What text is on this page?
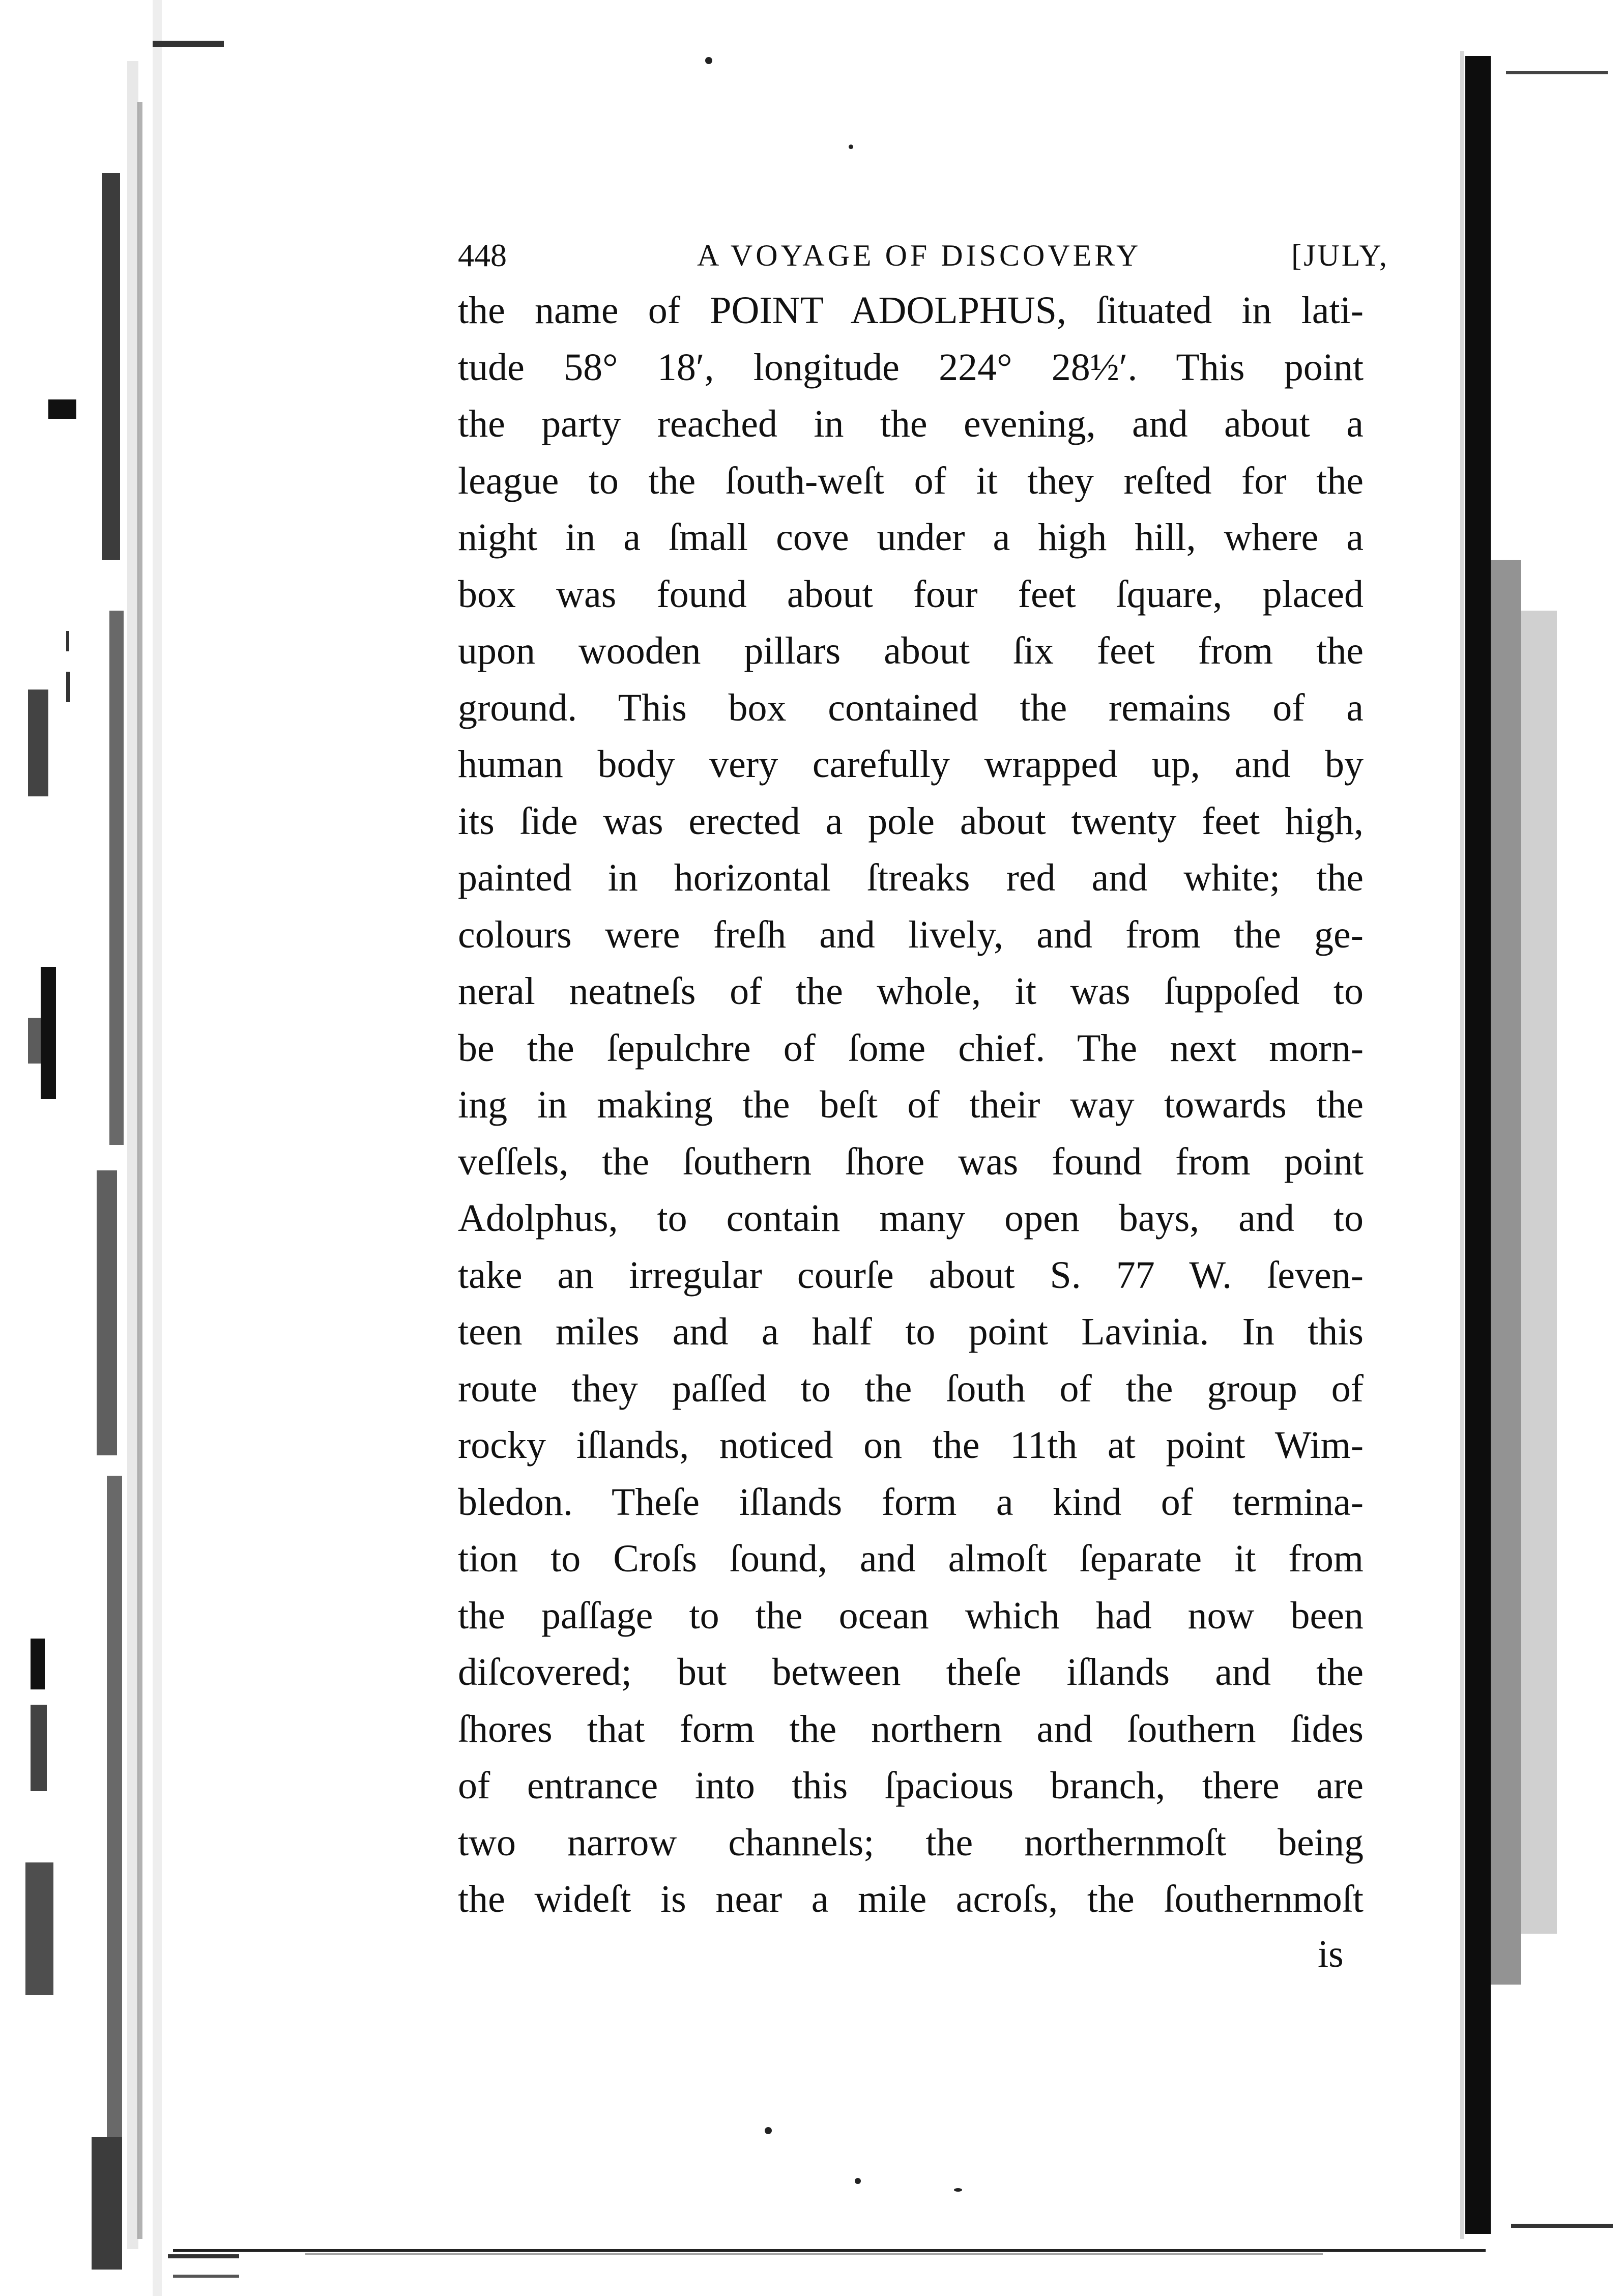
448	A VOYAGE OF DISCOVERY	[JULY,
the name of POINT ADOLPHUS, ſituated in lati-
tude 58° 18′, longitude 224° 28½′. This point
the party reached in the evening, and about a
league to the ſouth-weſt of it they reſted for the
night in a ſmall cove under a high hill, where a
box was found about four feet ſquare, placed
upon wooden pillars about ſix feet from the
ground. This box contained the remains of a
human body very carefully wrapped up, and by
its ſide was erected a pole about twenty feet high,
painted in horizontal ſtreaks red and white; the
colours were freſh and lively, and from the ge-
neral neatneſs of the whole, it was ſuppoſed to
be the ſepulchre of ſome chief. The next morn-
ing in making the beſt of their way towards the
veſſels, the ſouthern ſhore was found from point
Adolphus, to contain many open bays, and to
take an irregular courſe about S. 77 W. ſeven-
teen miles and a half to point Lavinia. In this
route they paſſed to the ſouth of the group of
rocky iſlands, noticed on the 11th at point Wim-
bledon. Theſe iſlands form a kind of termina-
tion to Croſs ſound, and almoſt ſeparate it from
the paſſage to the ocean which had now been
diſcovered; but between theſe iſlands and the
ſhores that form the northern and ſouthern ſides
of entrance into this ſpacious branch, there are
two narrow channels; the northernmoſt being
the wideſt is near a mile acroſs, the ſouthernmoſt
is
